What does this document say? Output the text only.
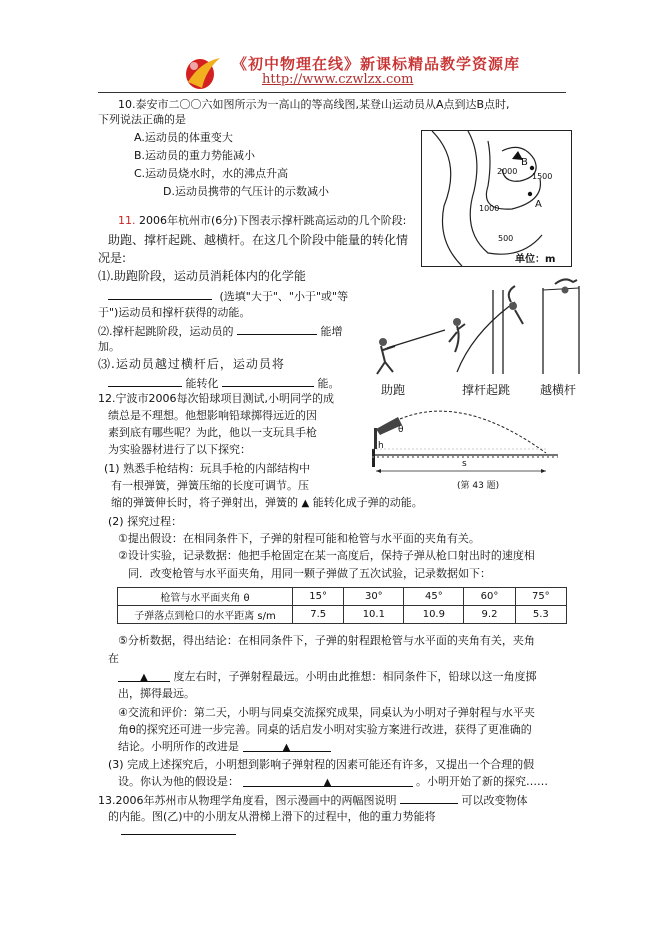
《初中物理在线》新课标精品教学资源库
http://www.czwlzx.com
10.泰安市二〇〇六如图所示为一高山的等高线图,某登山运动员从A点到达B点时,
下列说法正确的是
A.运动员的体重变大
B.运动员的重力势能减小
C.运动员烧水时，水的沸点升高
D.运动员携带的气压计的示数减小
2000
1500
1000
500
B
A
单位：m
11. 2006年杭州市(6分)下图表示撑杆跳高运动的几个阶段:
助跑、撑杆起跳、越横杆。在这几个阶段中能量的转化情
况是:
⑴.助跑阶段，运动员消耗体内的化学能
(选填"大于"、"小于"或"等
于")运动员和撑杆获得的动能。
⑵.撑杆起跳阶段，运动员的	能增
加。
⑶.运动员越过横杆后，运动员将
能转化	能。	助跑	撑杆起跳 越横杆
12.宁波市2006每次铅球项目测试,小明同学的成
绩总是不理想。他想影响铅球掷得远近的因
素到底有哪些呢？为此，他以一支玩具手枪
为实验器材进行了以下探究：
(1) 熟悉手枪结构：玩具手枪的内部结构中
有一根弹簧，弹簧压缩的长度可调节。压
缩的弹簧伸长时，将子弹射出，弹簧的 ▲ 能转化成子弹的动能。
θ
h
s
(第 43 题)
(2) 探究过程：
①提出假设：在相同条件下，子弹的射程可能和枪管与水平面的夹角有关。
②设计实验，记录数据：他把手枪固定在某一高度后，保持子弹从枪口射出时的速度相
同．改变枪管与水平面夹角，用同一颗子弹做了五次试验，记录数据如下：
枪管与水平面夹角 θ	15°	30°	45°	60°	75°
子弹落点到枪口的水平距离 s/m	7.5	10.1	10.9	9.2	5.3
⑤分析数据，得出结论：在相同条件下，子弹的射程跟枪管与水平面的夹角有关，夹角
在
▲ 度左右时，子弹射程最远。小明由此推想：相同条件下，铅球以这一角度掷
出，掷得最远。
④交流和评价：第二天，小明与同桌交流探究成果，同桌认为小明对子弹射程与水平夹
角θ的探究还可进一步完善。同桌的话启发小明对实验方案进行改进，获得了更准确的
结论。小明所作的改进是	▲
(3) 完成上述探究后，小明想到影响子弹射程的因素可能还有许多，又提出一个合理的假
设。你认为他的假设是：	▲	。小明开始了新的探究……
13.2006年苏州市从物理学角度看，图示漫画中的两幅图说明	可以改变物体
的内能。图(乙)中的小朋友从滑梯上滑下的过程中，他的重力势能将
